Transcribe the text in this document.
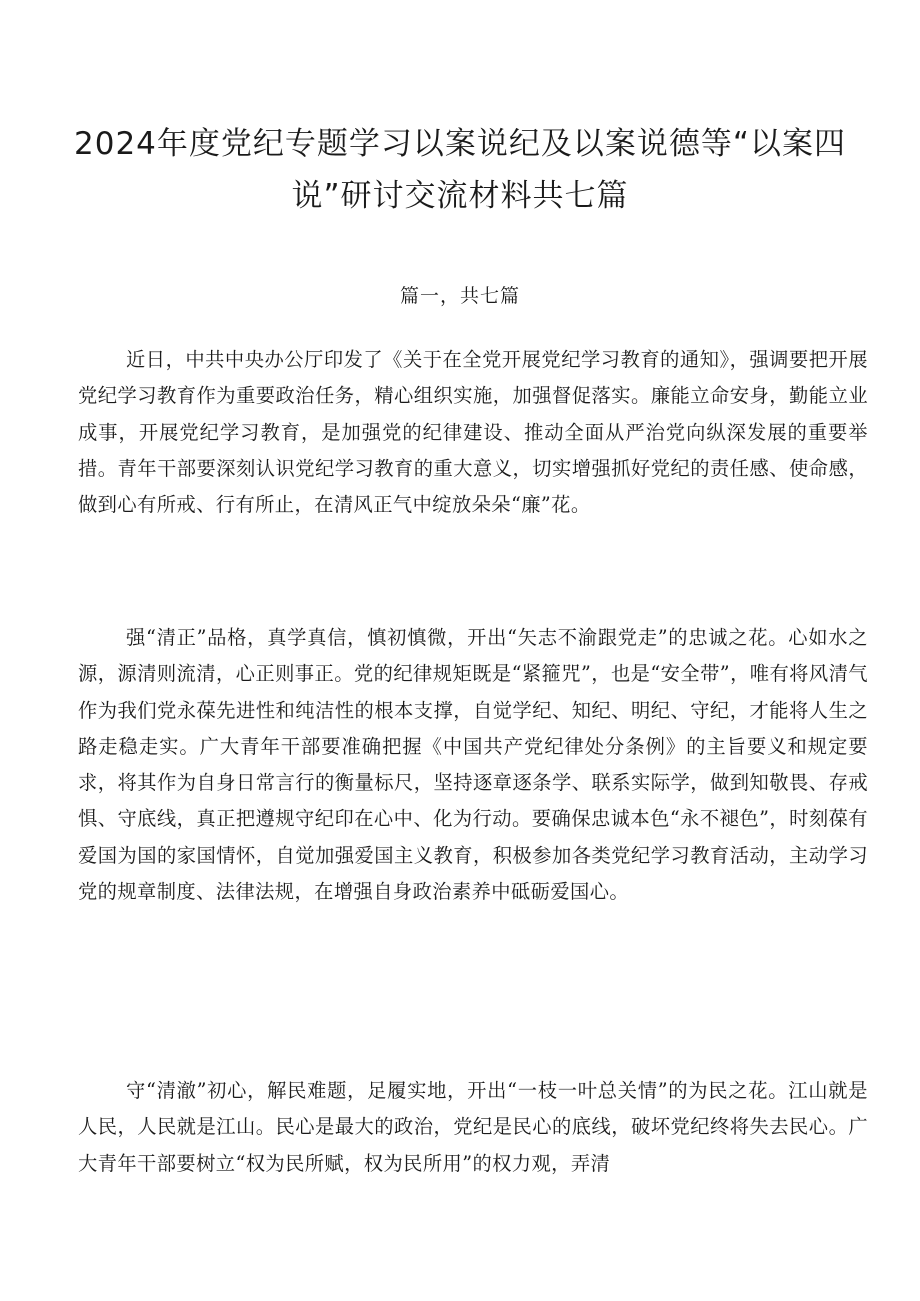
2024年度党纪专题学习以案说纪及以案说德等“以案四说”研讨交流材料共七篇
篇一，共七篇

近日，中共中央办公厅印发了《关于在全党开展党纪学习教育的通知》，强调要把开展党纪学习教育作为重要政治任务，精心组织实施，加强督促落实。廉能立命安身，勤能立业成事，开展党纪学习教育，是加强党的纪律建设、推动全面从严治党向纵深发展的重要举措。青年干部要深刻认识党纪学习教育的重大意义，切实增强抓好党纪的责任感、使命感，做到心有所戒、行有所止，在清风正气中绽放朵朵“廉”花。

强“清正”品格，真学真信，慎初慎微，开出“矢志不渝跟党走”的忠诚之花。心如水之源，源清则流清，心正则事正。党的纪律规矩既是“紧箍咒”，也是“安全带”，唯有将风清气作为我们党永葆先进性和纯洁性的根本支撑，自觉学纪、知纪、明纪、守纪，才能将人生之路走稳走实。广大青年干部要准确把握《中国共产党纪律处分条例》的主旨要义和规定要求，将其作为自身日常言行的衡量标尺，坚持逐章逐条学、联系实际学，做到知敬畏、存戒惧、守底线，真正把遵规守纪印在心中、化为行动。要确保忠诚本色“永不褪色”，时刻葆有爱国为国的家国情怀，自觉加强爱国主义教育，积极参加各类党纪学习教育活动，主动学习党的规章制度、法律法规，在增强自身政治素养中砥砺爱国心。

守“清澈”初心，解民难题，足履实地，开出“一枝一叶总关情”的为民之花。江山就是人民，人民就是江山。民心是最大的政治，党纪是民心的底线，破坏党纪终将失去民心。广大青年干部要树立“权为民所赋，权为民所用”的权力观，弄清
